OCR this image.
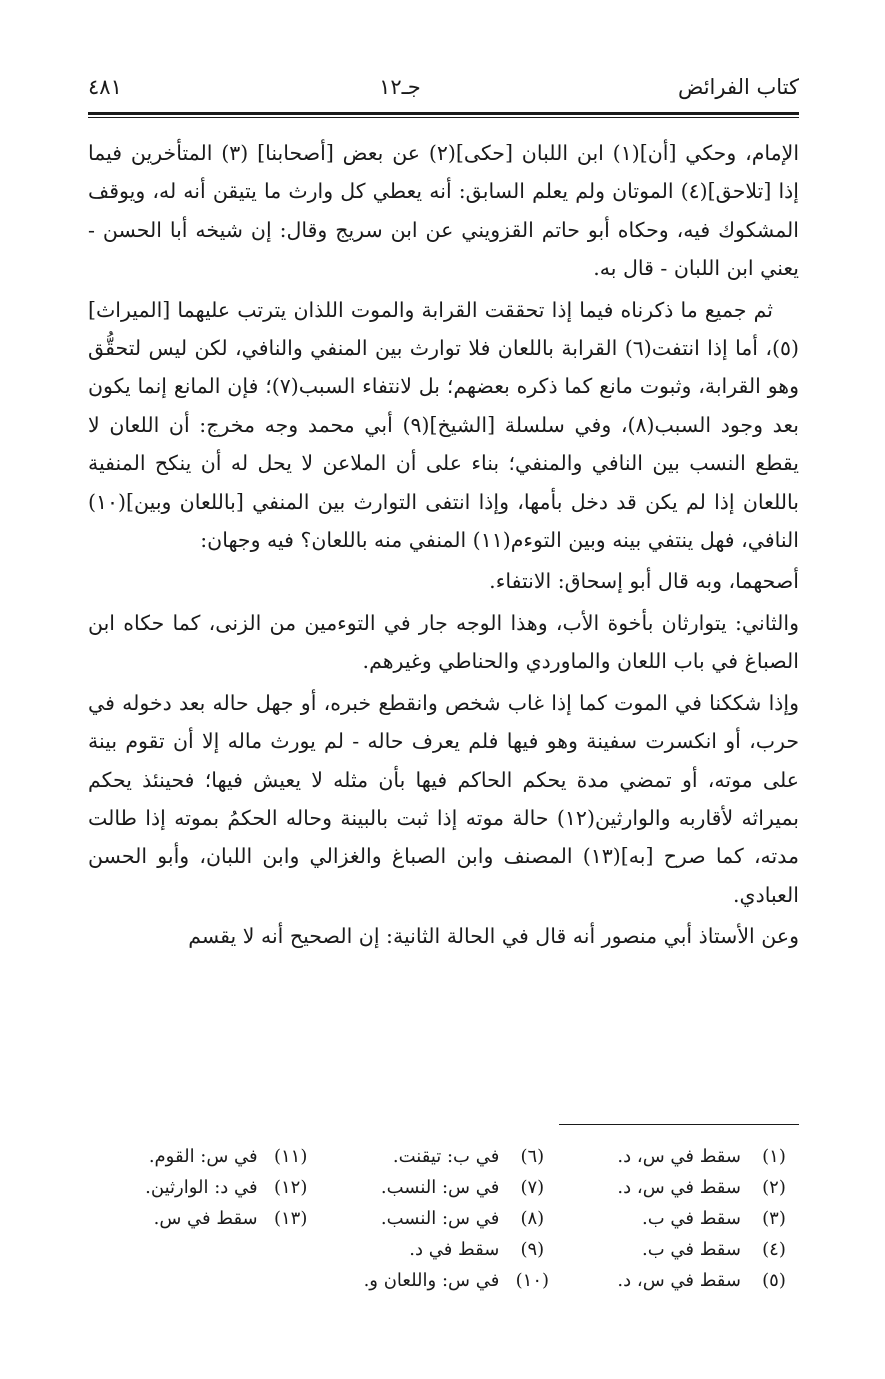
كتاب الفرائض
جـ١٢
٤٨١

الإمام، وحكي [أن](١) ابن اللبان [حكى](٢) عن بعض [أصحابنا] (٣) المتأخرين فيما إذا [تلاحق](٤) الموتان ولم يعلم السابق: أنه يعطي كل وارث ما يتيقن أنه له، ويوقف المشكوك فيه، وحكاه أبو حاتم القزويني عن ابن سريج وقال: إن شيخه أبا الحسن - يعني ابن اللبان - قال به.

ثم جميع ما ذكرناه فيما إذا تحققت القرابة والموت اللذان يترتب عليهما [الميراث](٥)، أما إذا انتفت(٦) القرابة باللعان فلا توارث بين المنفي والنافي، لكن ليس لتحقُّق وهو القرابة، وثبوت مانع كما ذكره بعضهم؛ بل لانتفاء السبب(٧)؛ فإن المانع إنما يكون بعد وجود السبب(٨)، وفي سلسلة [الشيخ](٩) أبي محمد وجه مخرج: أن اللعان لا يقطع النسب بين النافي والمنفي؛ بناء على أن الملاعن لا يحل له أن ينكح المنفية باللعان إذا لم يكن قد دخل بأمها، وإذا انتفى التوارث بين المنفي [باللعان وبين](١٠) النافي، فهل ينتفي بينه وبين التوءم(١١) المنفي منه باللعان؟ فيه وجهان:

أصحهما، وبه قال أبو إسحاق: الانتفاء.

والثاني: يتوارثان بأخوة الأب، وهذا الوجه جار في التوءمين من الزنى، كما حكاه ابن الصباغ في باب اللعان والماوردي والحناطي وغيرهم.

وإذا شككنا في الموت كما إذا غاب شخص وانقطع خبره، أو جهل حاله بعد دخوله في حرب، أو انكسرت سفينة وهو فيها فلم يعرف حاله - لم يورث ماله إلا أن تقوم بينة على موته، أو تمضي مدة يحكم الحاكم فيها بأن مثله لا يعيش فيها؛ فحينئذ يحكم بميراثه لأقاربه والوارثين(١٢) حالة موته إذا ثبت بالبينة وحاله الحكمُ بموته إذا طالت مدته، كما صرح [به](١٣) المصنف وابن الصباغ والغزالي وابن اللبان، وأبو الحسن العبادي.

وعن الأستاذ أبي منصور أنه قال في الحالة الثانية: إن الصحيح أنه لا يقسم

(١)
سقط في س، د.
(٢)
سقط في س، د.
(٣)
سقط في ب.
(٤)
سقط في ب.
(٥)
سقط في س، د.
(٦)
في ب: تيقنت.
(٧)
في س: النسب.
(٨)
في س: النسب.
(٩)
سقط في د.
(١٠)
في س: واللعان و.
(١١)
في س: القوم.
(١٢)
في د: الوارثين.
(١٣)
سقط في س.
